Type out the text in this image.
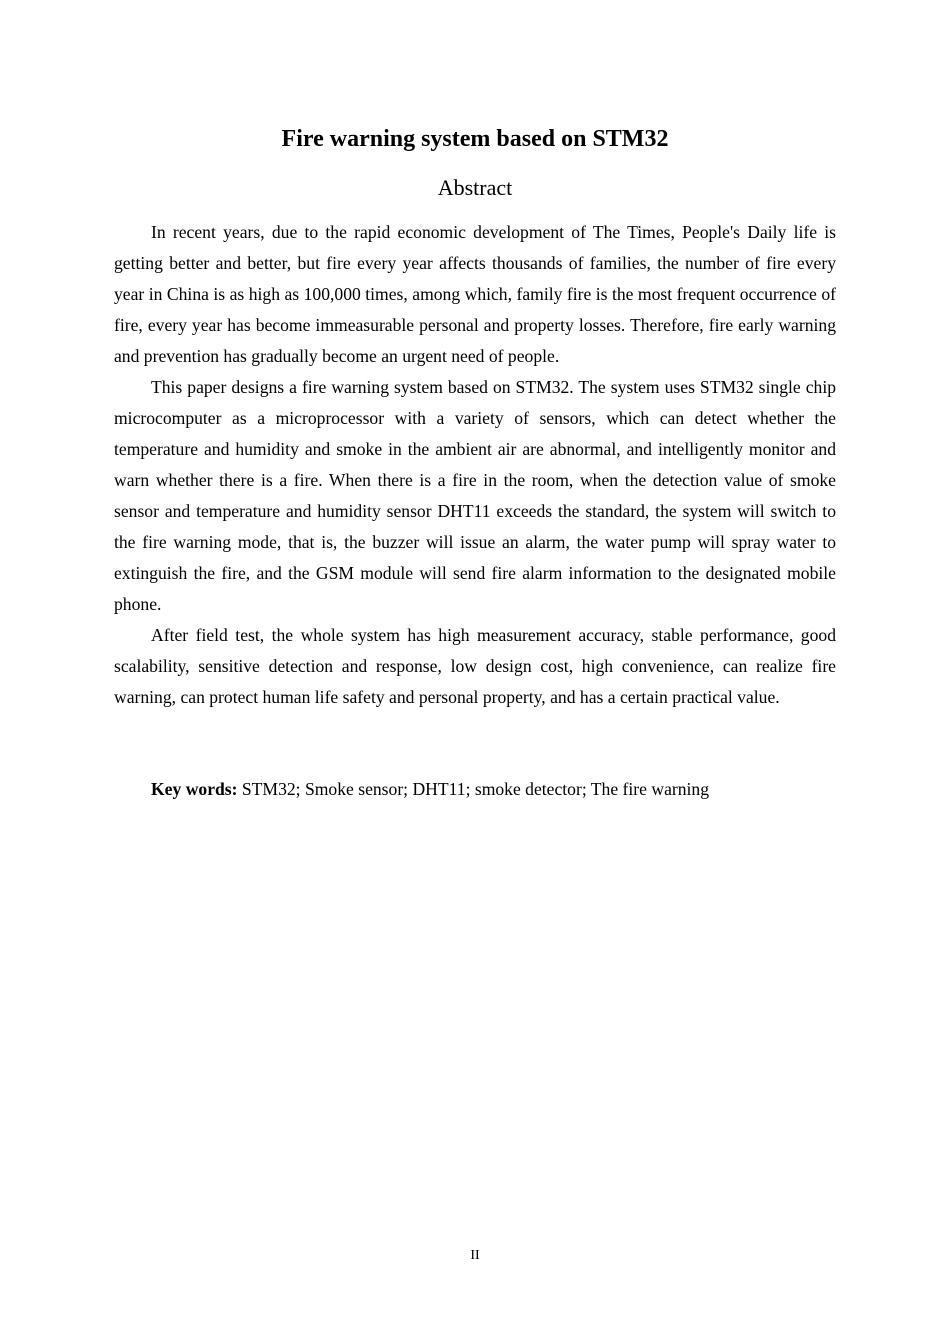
Fire warning system based on STM32
Abstract

In recent years, due to the rapid economic development of The Times, People's Daily life is getting better and better, but fire every year affects thousands of families, the number of fire every year in China is as high as 100,000 times, among which, family fire is the most frequent occurrence of fire, every year has become immeasurable personal and property losses. Therefore, fire early warning and prevention has gradually become an urgent need of people.

This paper designs a fire warning system based on STM32. The system uses STM32 single chip microcomputer as a microprocessor with a variety of sensors, which can detect whether the temperature and humidity and smoke in the ambient air are abnormal, and intelligently monitor and warn whether there is a fire. When there is a fire in the room, when the detection value of smoke sensor and temperature and humidity sensor DHT11 exceeds the standard, the system will switch to the fire warning mode, that is, the buzzer will issue an alarm, the water pump will spray water to extinguish the fire, and the GSM module will send fire alarm information to the designated mobile phone.

After field test, the whole system has high measurement accuracy, stable performance, good scalability, sensitive detection and response, low design cost, high convenience, can realize fire warning, can protect human life safety and personal property, and has a certain practical value.

Key words: STM32; Smoke sensor; DHT11; smoke detector; The fire warning
II
